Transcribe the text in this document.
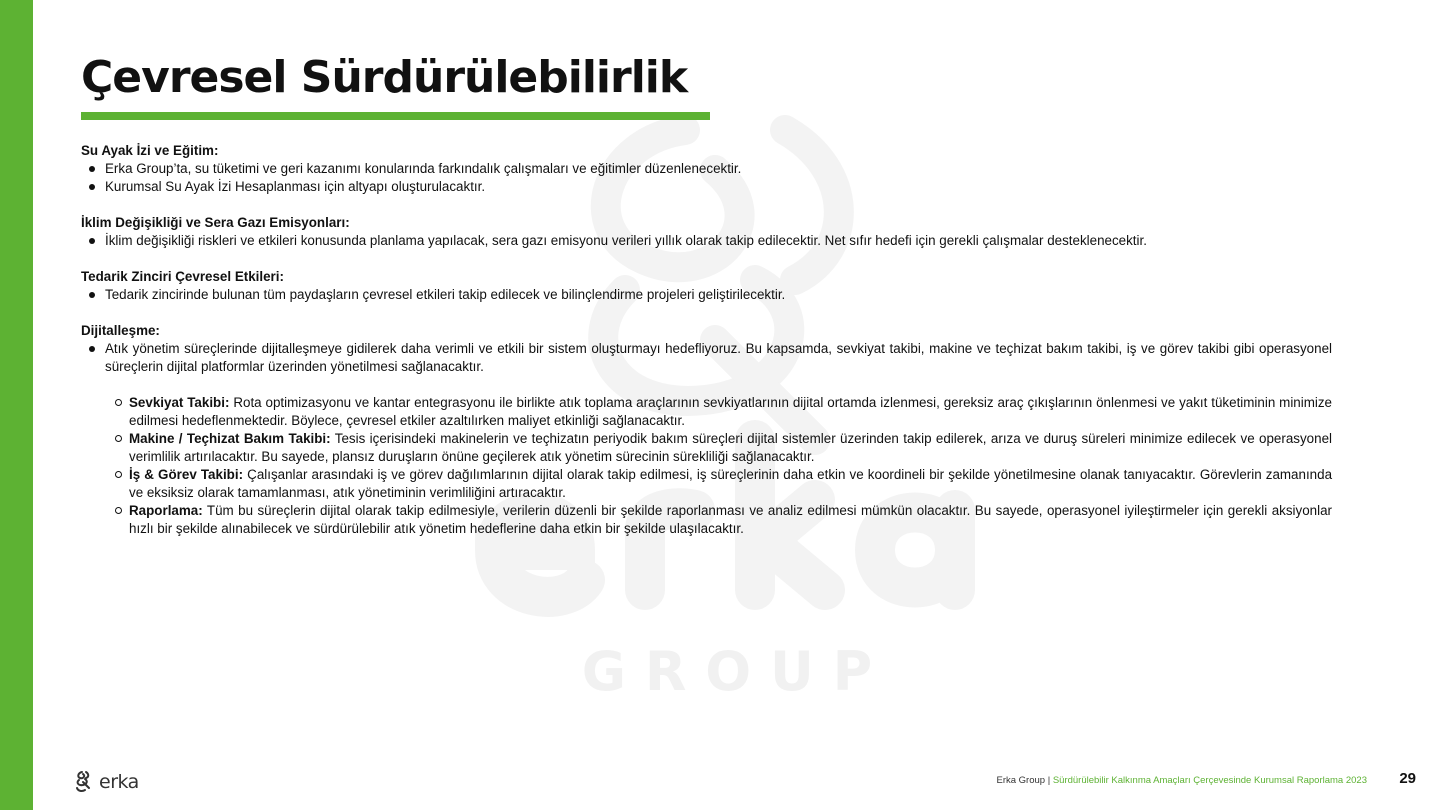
G R O U P
Çevresel Sürdürülebilirlik

Su Ayak İzi ve Eğitim:

Erka Group’ta, su tüketimi ve geri kazanımı konularında farkındalık çalışmaları ve eğitimler düzenlenecektir.
Kurumsal Su Ayak İzi Hesaplanması için altyapı oluşturulacaktır.

İklim Değişikliği ve Sera Gazı Emisyonları:

İklim değişikliği riskleri ve etkileri konusunda planlama yapılacak, sera gazı emisyonu verileri yıllık olarak takip edilecektir. Net sıfır hedefi için gerekli çalışmalar desteklenecektir.

Tedarik Zinciri Çevresel Etkileri:

Tedarik zincirinde bulunan tüm paydaşların çevresel etkileri takip edilecek ve bilinçlendirme projeleri geliştirilecektir.

Dijitalleşme:

Atık yönetim süreçlerinde dijitalleşmeye gidilerek daha verimli ve etkili bir sistem oluşturmayı hedefliyoruz. Bu kapsamda, sevkiyat takibi, makine ve teçhizat bakım takibi, iş ve görev takibi gibi operasyonel süreçlerin dijital platformlar üzerinden yönetilmesi sağlanacaktır.
Sevkiyat Takibi: Rota optimizasyonu ve kantar entegrasyonu ile birlikte atık toplama araçlarının sevkiyatlarının dijital ortamda izlenmesi, gereksiz araç çıkışlarının önlenmesi ve yakıt tüketiminin minimize edilmesi hedeflenmektedir. Böylece, çevresel etkiler azaltılırken maliyet etkinliği sağlanacaktır.
Makine / Teçhizat Bakım Takibi: Tesis içerisindeki makinelerin ve teçhizatın periyodik bakım süreçleri dijital sistemler üzerinden takip edilerek, arıza ve duruş süreleri minimize edilecek ve operasyonel verimlilik artırılacaktır. Bu sayede, plansız duruşların önüne geçilerek atık yönetim sürecinin sürekliliği sağlanacaktır.
İş & Görev Takibi: Çalışanlar arasındaki iş ve görev dağılımlarının dijital olarak takip edilmesi, iş süreçlerinin daha etkin ve koordineli bir şekilde yönetilmesine olanak tanıyacaktır. Görevlerin zamanında ve eksiksiz olarak tamamlanması, atık yönetiminin verimliliğini artıracaktır.
Raporlama: Tüm bu süreçlerin dijital olarak takip edilmesiyle, verilerin düzenli bir şekilde raporlanması ve analiz edilmesi mümkün olacaktır. Bu sayede, operasyonel iyileştirmeler için gerekli aksiyonlar hızlı bir şekilde alınabilecek ve sürdürülebilir atık yönetim hedeflerine daha etkin bir şekilde ulaşılacaktır.
erka	Erka Group | Sürdürülebilir Kalkınma Amaçları Çerçevesinde Kurumsal Raporlama 2023 29
